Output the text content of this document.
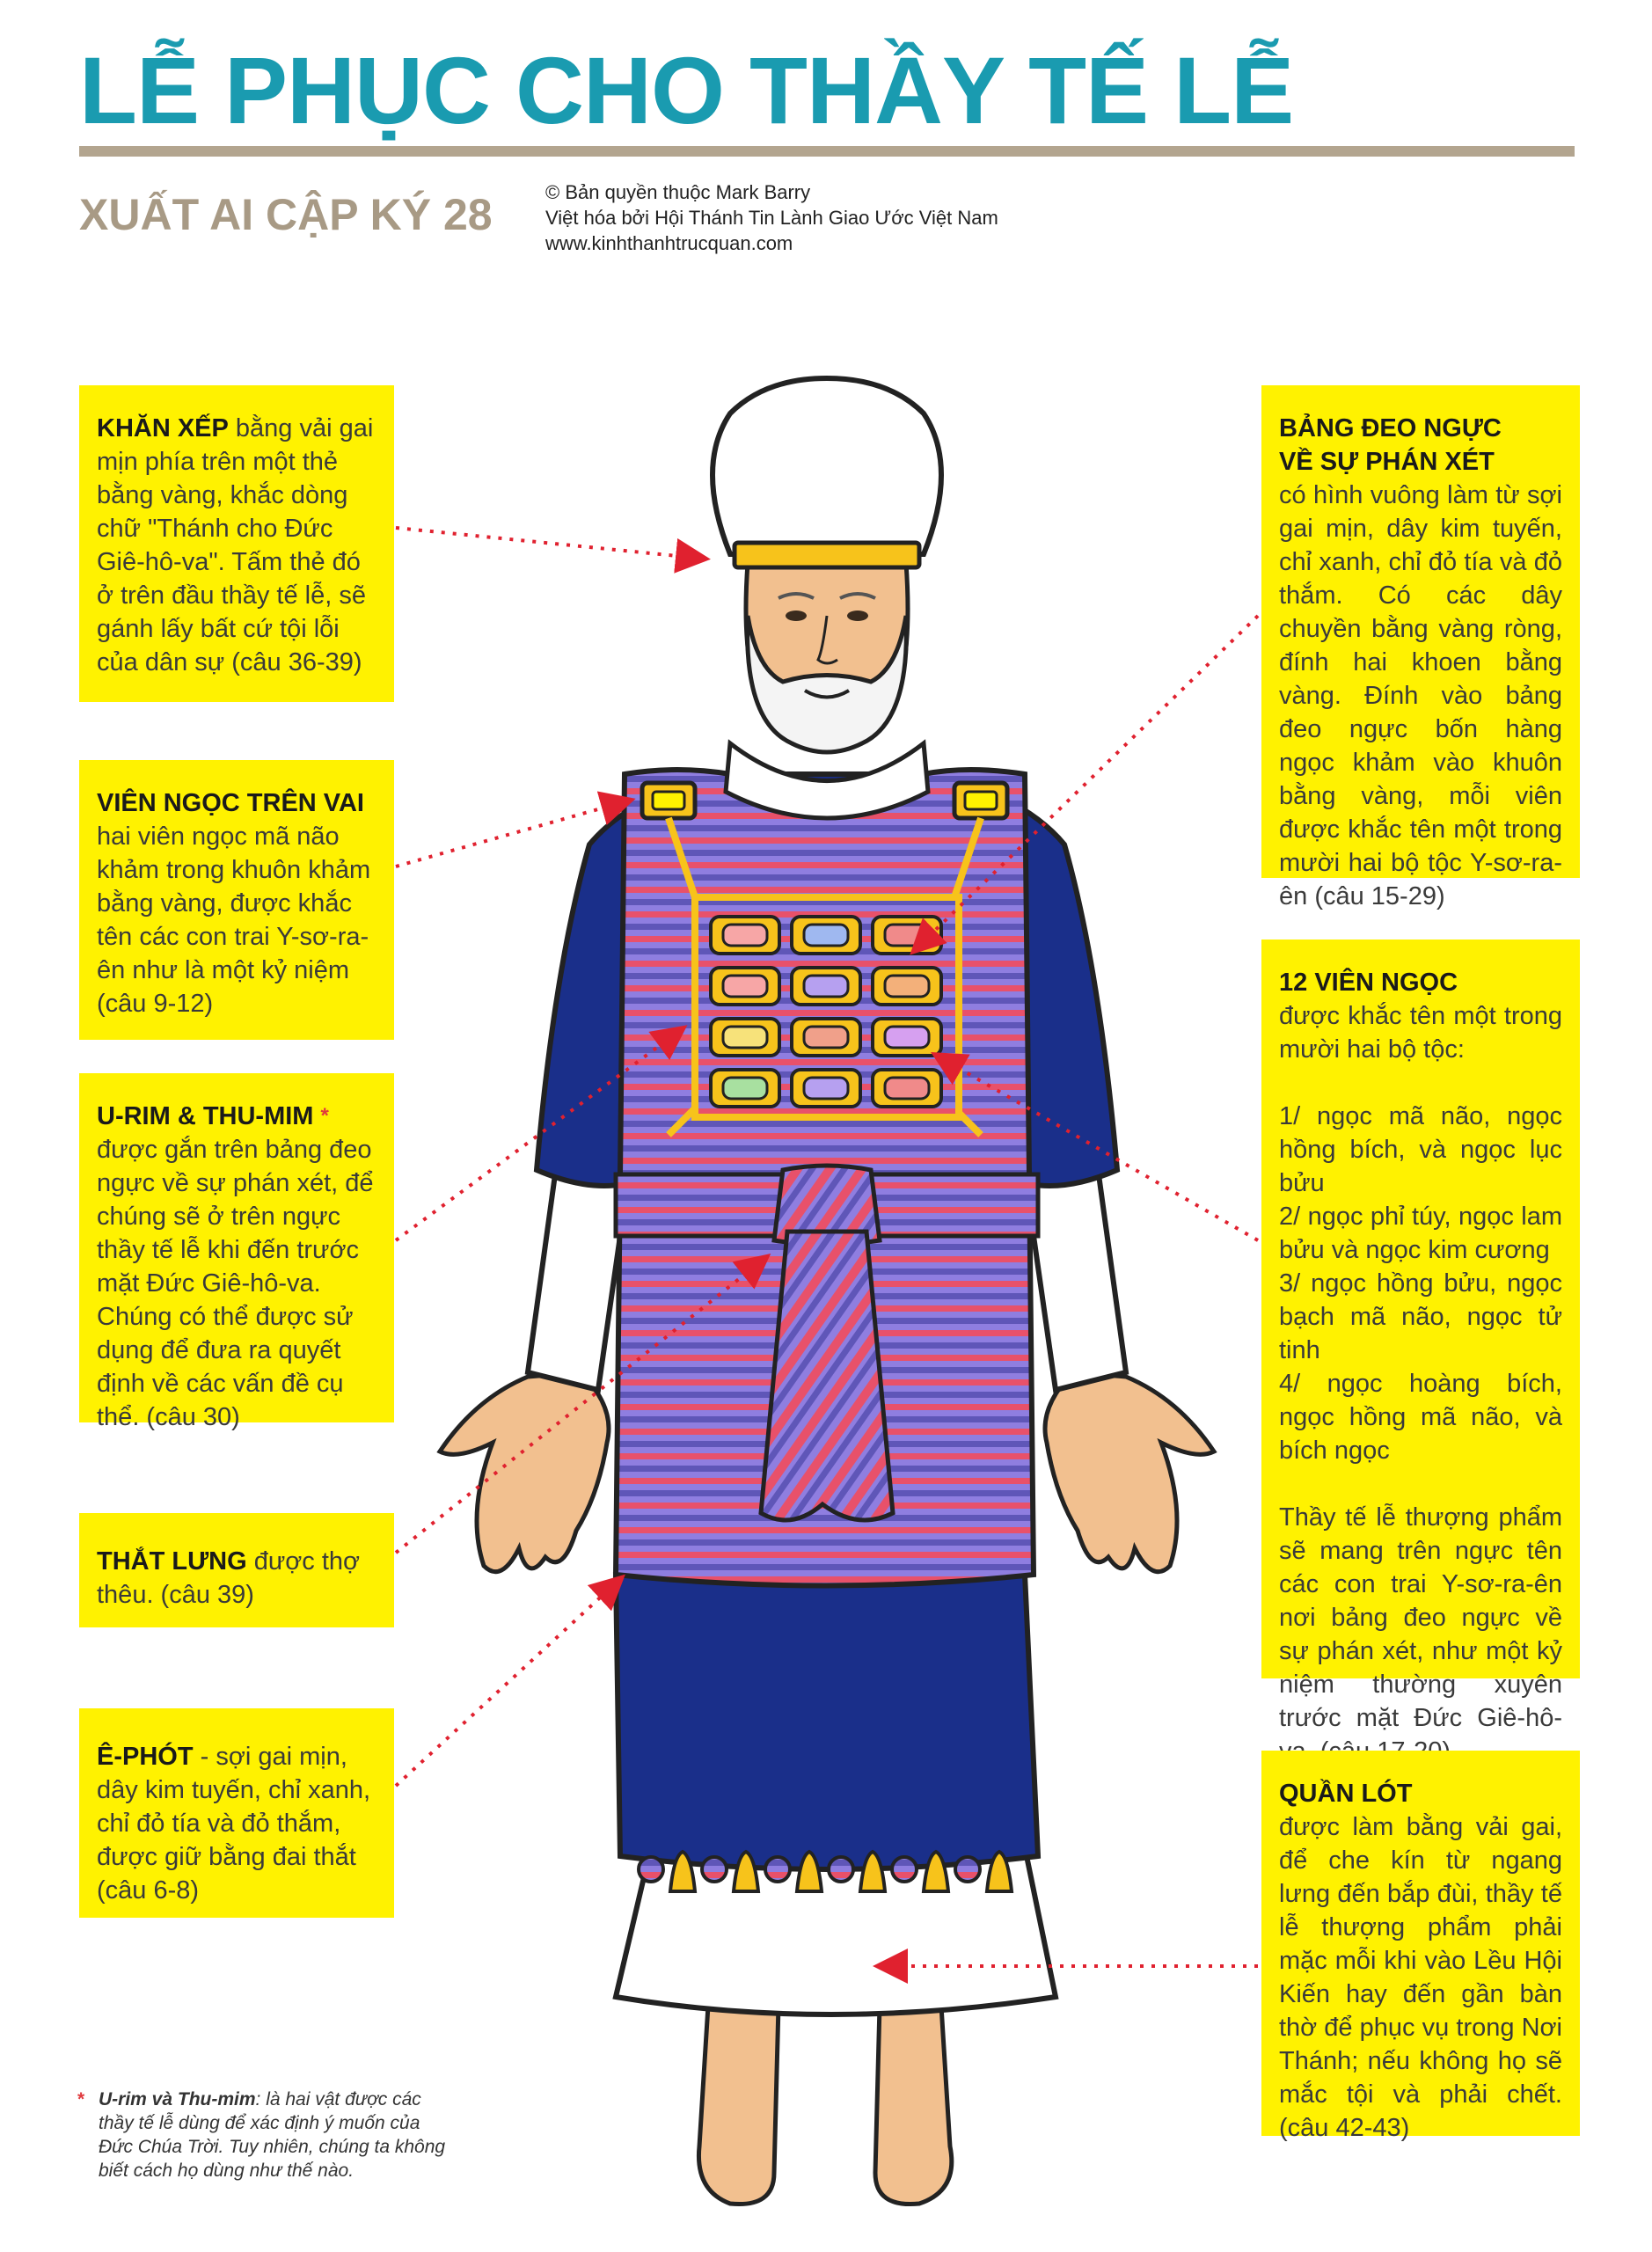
LỄ PHỤC CHO THẦY TẾ LỄ
XUẤT AI CẬP KÝ 28	© Bản quyền thuộc Mark Barry
Việt hóa bởi Hội Thánh Tin Lành Giao Ước Việt Nam
www.kinhthanhtrucquan.com
KHĂN XẾP bằng vải gai mịn phía trên một thẻ bằng vàng, khắc dòng chữ "Thánh cho Đức Giê-hô-va". Tấm thẻ đó ở trên đầu thầy tế lễ, sẽ gánh lấy bất cứ tội lỗi của dân sự (câu 36-39)
VIÊN NGỌC TRÊN VAI
hai viên ngọc mã não khảm trong khuôn khảm bằng vàng, được khắc tên các con trai Y-sơ-ra-ên như là một kỷ niệm (câu 9-12)
U-RIM & THU-MIM *
được gắn trên bảng đeo ngực về sự phán xét, để chúng sẽ ở trên ngực thầy tế lễ khi đến trước mặt Đức Giê-hô-va. Chúng có thể được sử dụng để đưa ra quyết định về các vấn đề cụ thể. (câu 30)
THẮT LƯNG được thợ thêu. (câu 39)
Ê-PHÓT - sợi gai mịn, dây kim tuyến, chỉ xanh, chỉ đỏ tía và đỏ thắm, được giữ bằng đai thắt (câu 6-8)
BẢNG ĐEO NGỰC
VỀ SỰ PHÁN XÉT
có hình vuông làm từ sợi gai mịn, dây kim tuyến, chỉ xanh, chỉ đỏ tía và đỏ thắm. Có các dây chuyền bằng vàng ròng, đính hai khoen bằng vàng. Đính vào bảng đeo ngực bốn hàng ngọc khảm vào khuôn bằng vàng, mỗi viên được khắc tên một trong mười hai bộ tộc Y-sơ-ra-ên (câu 15-29)
12 VIÊN NGỌC
được khắc tên một trong mười hai bộ tộc:
1/ ngọc mã não, ngọc hồng bích, và ngọc lục bửu
2/ ngọc phỉ túy, ngọc lam bửu và ngọc kim cương
3/ ngọc hồng bửu, ngọc bạch mã não, ngọc tử tinh
4/ ngọc hoàng bích, ngọc hồng mã não, và bích ngọc
Thầy tế lễ thượng phẩm sẽ mang trên ngực tên các con trai Y-sơ-ra-ên nơi bảng đeo ngực về sự phán xét, như một kỷ niệm thường xuyên trước mặt Đức Giê-hô-
QUẦN LÓT
được làm bằng vải gai, để che kín từ ngang lưng đến bắp đùi, thầy tế lễ thượng phẩm phải mặc mỗi khi vào Lều Hội Kiến hay đến gần bàn thờ để phục vụ trong Nơi Thánh; nếu không họ sẽ mắc tội và phải chết. (câu 42-43)
* U-rim và Thu-mim: là hai vật được các thầy tế lễ dùng để xác định ý muốn của Đức Chúa Trời. Tuy nhiên, chúng ta không biết cách họ dùng như thế nào.
